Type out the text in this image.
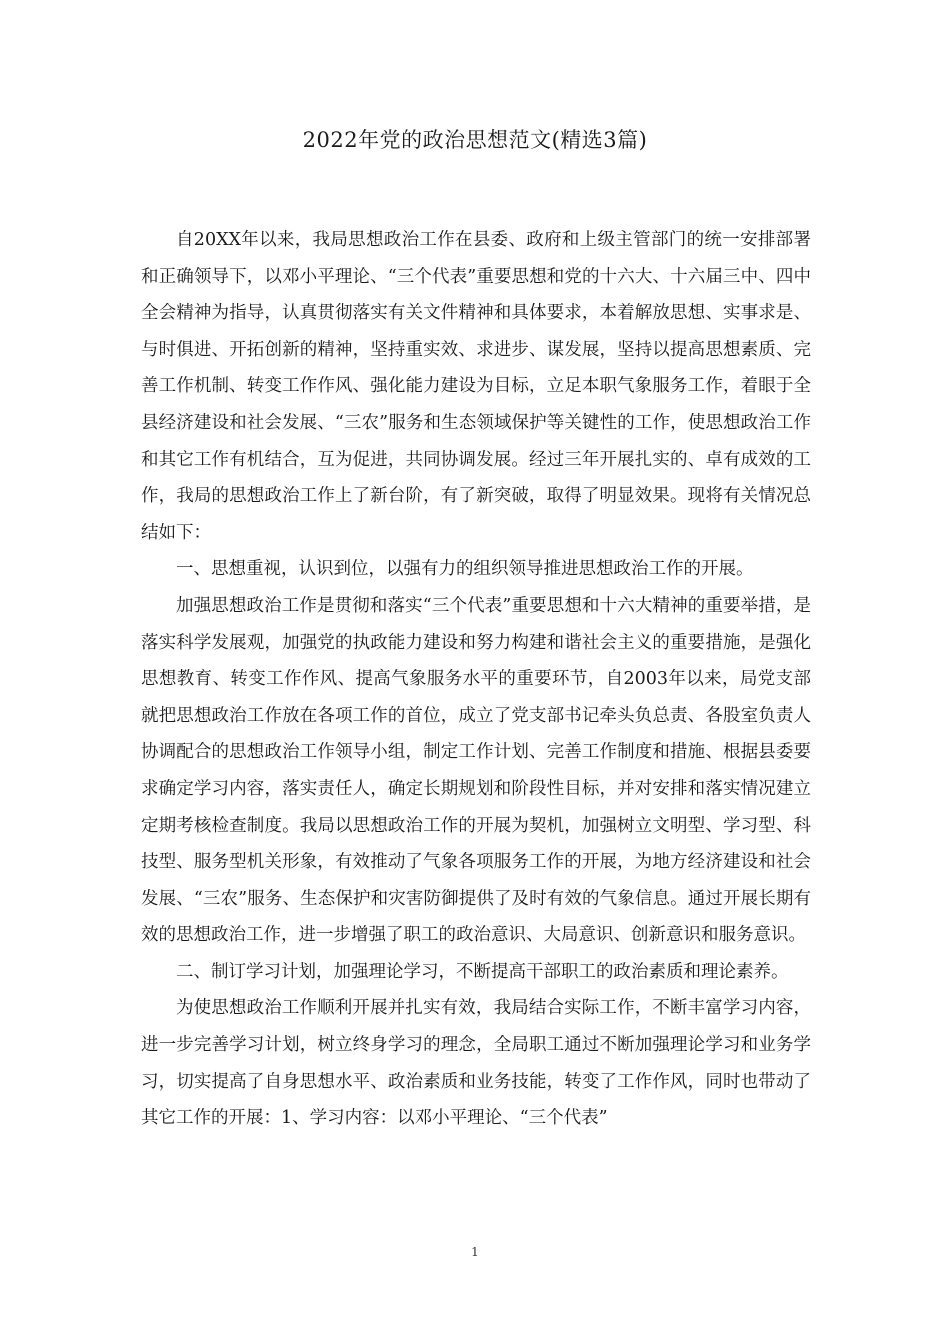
2022年党的政治思想范文(精选3篇)

自20XX年以来，我局思想政治工作在县委、政府和上级主管部门的统一安排部署和正确领导下，以邓小平理论、“三个代表”重要思想和党的十六大、十六届三中、四中全会精神为指导，认真贯彻落实有关文件精神和具体要求，本着解放思想、实事求是、与时俱进、开拓创新的精神，坚持重实效、求进步、谋发展，坚持以提高思想素质、完善工作机制、转变工作作风、强化能力建设为目标，立足本职气象服务工作，着眼于全县经济建设和社会发展、“三农”服务和生态领域保护等关键性的工作，使思想政治工作和其它工作有机结合，互为促进，共同协调发展。经过三年开展扎实的、卓有成效的工作，我局的思想政治工作上了新台阶，有了新突破，取得了明显效果。现将有关情况总结如下：

一、思想重视，认识到位，以强有力的组织领导推进思想政治工作的开展。

加强思想政治工作是贯彻和落实“三个代表”重要思想和十六大精神的重要举措，是落实科学发展观，加强党的执政能力建设和努力构建和谐社会主义的重要措施，是强化思想教育、转变工作作风、提高气象服务水平的重要环节，自2003年以来，局党支部就把思想政治工作放在各项工作的首位，成立了党支部书记牵头负总责、各股室负责人协调配合的思想政治工作领导小组，制定工作计划、完善工作制度和措施、根据县委要求确定学习内容，落实责任人，确定长期规划和阶段性目标，并对安排和落实情况建立定期考核检查制度。我局以思想政治工作的开展为契机，加强树立文明型、学习型、科技型、服务型机关形象，有效推动了气象各项服务工作的开展，为地方经济建设和社会发展、“三农”服务、生态保护和灾害防御提供了及时有效的气象信息。通过开展长期有效的思想政治工作，进一步增强了职工的政治意识、大局意识、创新意识和服务意识。

二、制订学习计划，加强理论学习，不断提高干部职工的政治素质和理论素养。

为使思想政治工作顺利开展并扎实有效，我局结合实际工作，不断丰富学习内容，进一步完善学习计划，树立终身学习的理念，全局职工通过不断加强理论学习和业务学习，切实提高了自身思想水平、政治素质和业务技能，转变了工作作风，同时也带动了其它工作的开展：1、学习内容：以邓小平理论、“三个代表”

1
